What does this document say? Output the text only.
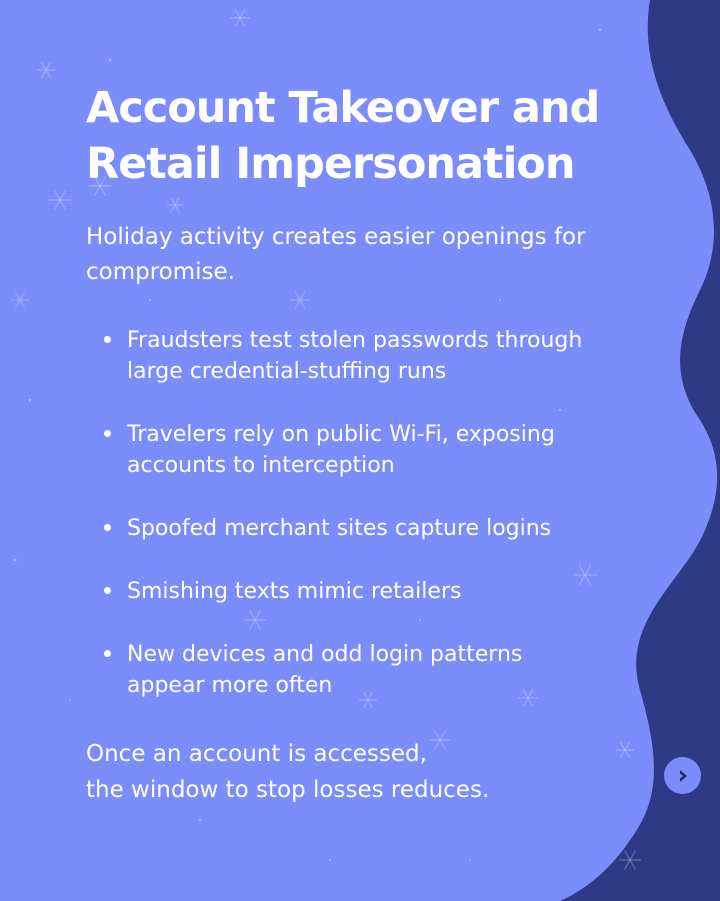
Account Takeover and Retail Impersonation

Holiday activity creates easier openings for compromise.

Fraudsters test stolen passwords through large credential-stuffing runs
Travelers rely on public Wi-Fi, exposing accounts to interception
Spoofed merchant sites capture logins
Smishing texts mimic retailers
New devices and odd login patterns appear more often

Once an account is accessed,
the window to stop losses reduces.
